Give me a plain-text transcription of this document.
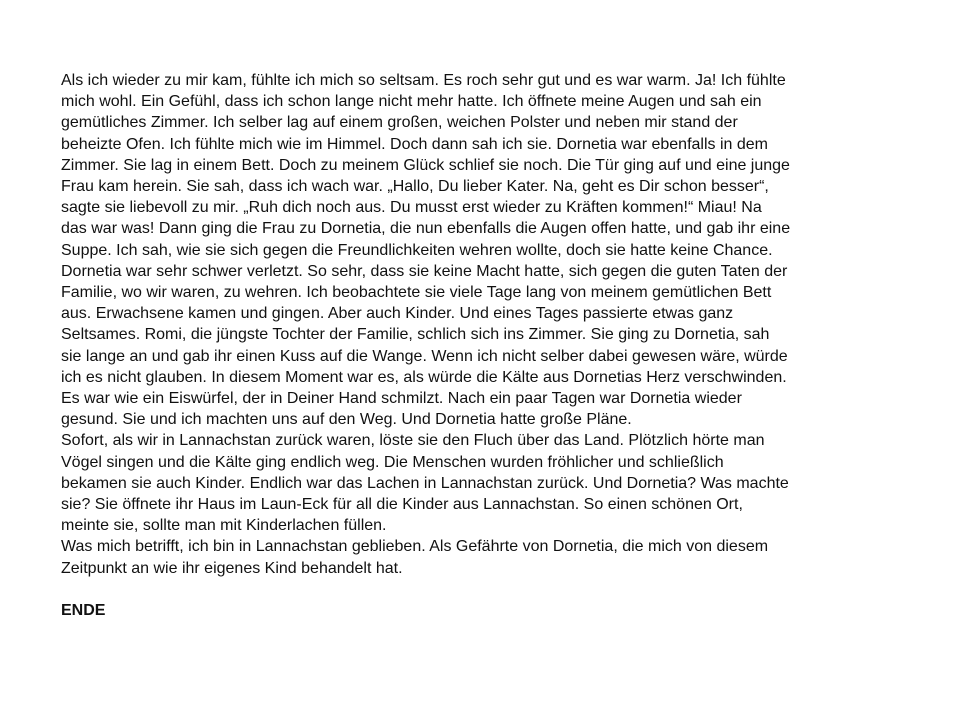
Als ich wieder zu mir kam, fühlte ich mich so seltsam. Es roch sehr gut und es war warm. Ja! Ich fühlte
mich wohl. Ein Gefühl, dass ich schon lange nicht mehr hatte. Ich öffnete meine Augen und sah ein
gemütliches Zimmer. Ich selber lag auf einem großen, weichen Polster und neben mir stand der
beheizte Ofen. Ich fühlte mich wie im Himmel. Doch dann sah ich sie. Dornetia war ebenfalls in dem
Zimmer. Sie lag in einem Bett. Doch zu meinem Glück schlief sie noch. Die Tür ging auf und eine junge
Frau kam herein. Sie sah, dass ich wach war. „Hallo, Du lieber Kater. Na, geht es Dir schon besser“,
sagte sie liebevoll zu mir. „Ruh dich noch aus. Du musst erst wieder zu Kräften kommen!“ Miau! Na
das war was! Dann ging die Frau zu Dornetia, die nun ebenfalls die Augen offen hatte, und gab ihr eine
Suppe. Ich sah, wie sie sich gegen die Freundlichkeiten wehren wollte, doch sie hatte keine Chance.
Dornetia war sehr schwer verletzt. So sehr, dass sie keine Macht hatte, sich gegen die guten Taten der
Familie, wo wir waren, zu wehren. Ich beobachtete sie viele Tage lang von meinem gemütlichen Bett
aus. Erwachsene kamen und gingen. Aber auch Kinder. Und eines Tages passierte etwas ganz
Seltsames. Romi, die jüngste Tochter der Familie, schlich sich ins Zimmer. Sie ging zu Dornetia, sah
sie lange an und gab ihr einen Kuss auf die Wange. Wenn ich nicht selber dabei gewesen wäre, würde
ich es nicht glauben. In diesem Moment war es, als würde die Kälte aus Dornetias Herz verschwinden.
Es war wie ein Eiswürfel, der in Deiner Hand schmilzt. Nach ein paar Tagen war Dornetia wieder
gesund. Sie und ich machten uns auf den Weg. Und Dornetia hatte große Pläne.

Sofort, als wir in Lannachstan zurück waren, löste sie den Fluch über das Land. Plötzlich hörte man
Vögel singen und die Kälte ging endlich weg. Die Menschen wurden fröhlicher und schließlich
bekamen sie auch Kinder. Endlich war das Lachen in Lannachstan zurück. Und Dornetia? Was machte
sie? Sie öffnete ihr Haus im Laun-Eck für all die Kinder aus Lannachstan. So einen schönen Ort,
meinte sie, sollte man mit Kinderlachen füllen.

Was mich betrifft, ich bin in Lannachstan geblieben. Als Gefährte von Dornetia, die mich von diesem
Zeitpunkt an wie ihr eigenes Kind behandelt hat.

ENDE
